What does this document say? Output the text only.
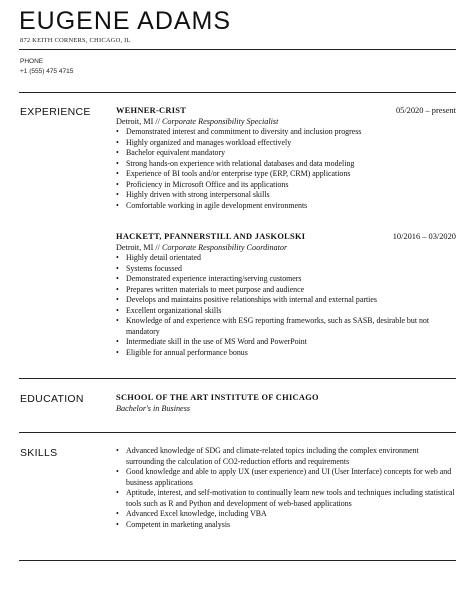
EUGENE ADAMS
872 KEITH CORNERS, CHICAGO, IL
PHONE
+1 (555) 475 4715
EXPERIENCE	WEHNER-CRIST	05/2020 – present
Detroit, MI // Corporate Responsibility Specialist
• Demonstrated interest and commitment to diversity and inclusion progress
• Highly organized and manages workload effectively
• Bachelor equivalent mandatory
• Strong hands-on experience with relational databases and data modeling
• Experience of BI tools and/or enterprise type (ERP, CRM) applications
• Proficiency in Microsoft Office and its applications
• Highly driven with strong interpersonal skills
• Comfortable working in agile development environments
HACKETT, PFANNERSTILL AND JASKOLSKI	10/2016 – 03/2020
Detroit, MI // Corporate Responsibility Coordinator
• Highly detail orientated
• Systems focussed
• Demonstrated experience interacting/serving customers
• Prepares written materials to meet purpose and audience
• Develops and maintains positive relationships with internal and external parties
• Excellent organizational skills
• Knowledge of and experience with ESG reporting frameworks, such as SASB, desirable but not mandatory
• Intermediate skill in the use of MS Word and PowerPoint
• Eligible for annual performance bonus
EDUCATION	SCHOOL OF THE ART INSTITUTE OF CHICAGO
Bachelor's in Business
SKILLS
•	Advanced knowledge of SDG and climate-related topics including the complex environment surrounding the calculation of CO2-reduction efforts and requirements
• Good knowledge and able to apply UX (user experience) and UI (User Interface) concepts for web and business applications
• Aptitude, interest, and self-motivation to continually learn new tools and techniques including statistical tools such as R and Python and development of web-based applications
• Advanced Excel knowledge, including VBA
• Competent in marketing analysis
